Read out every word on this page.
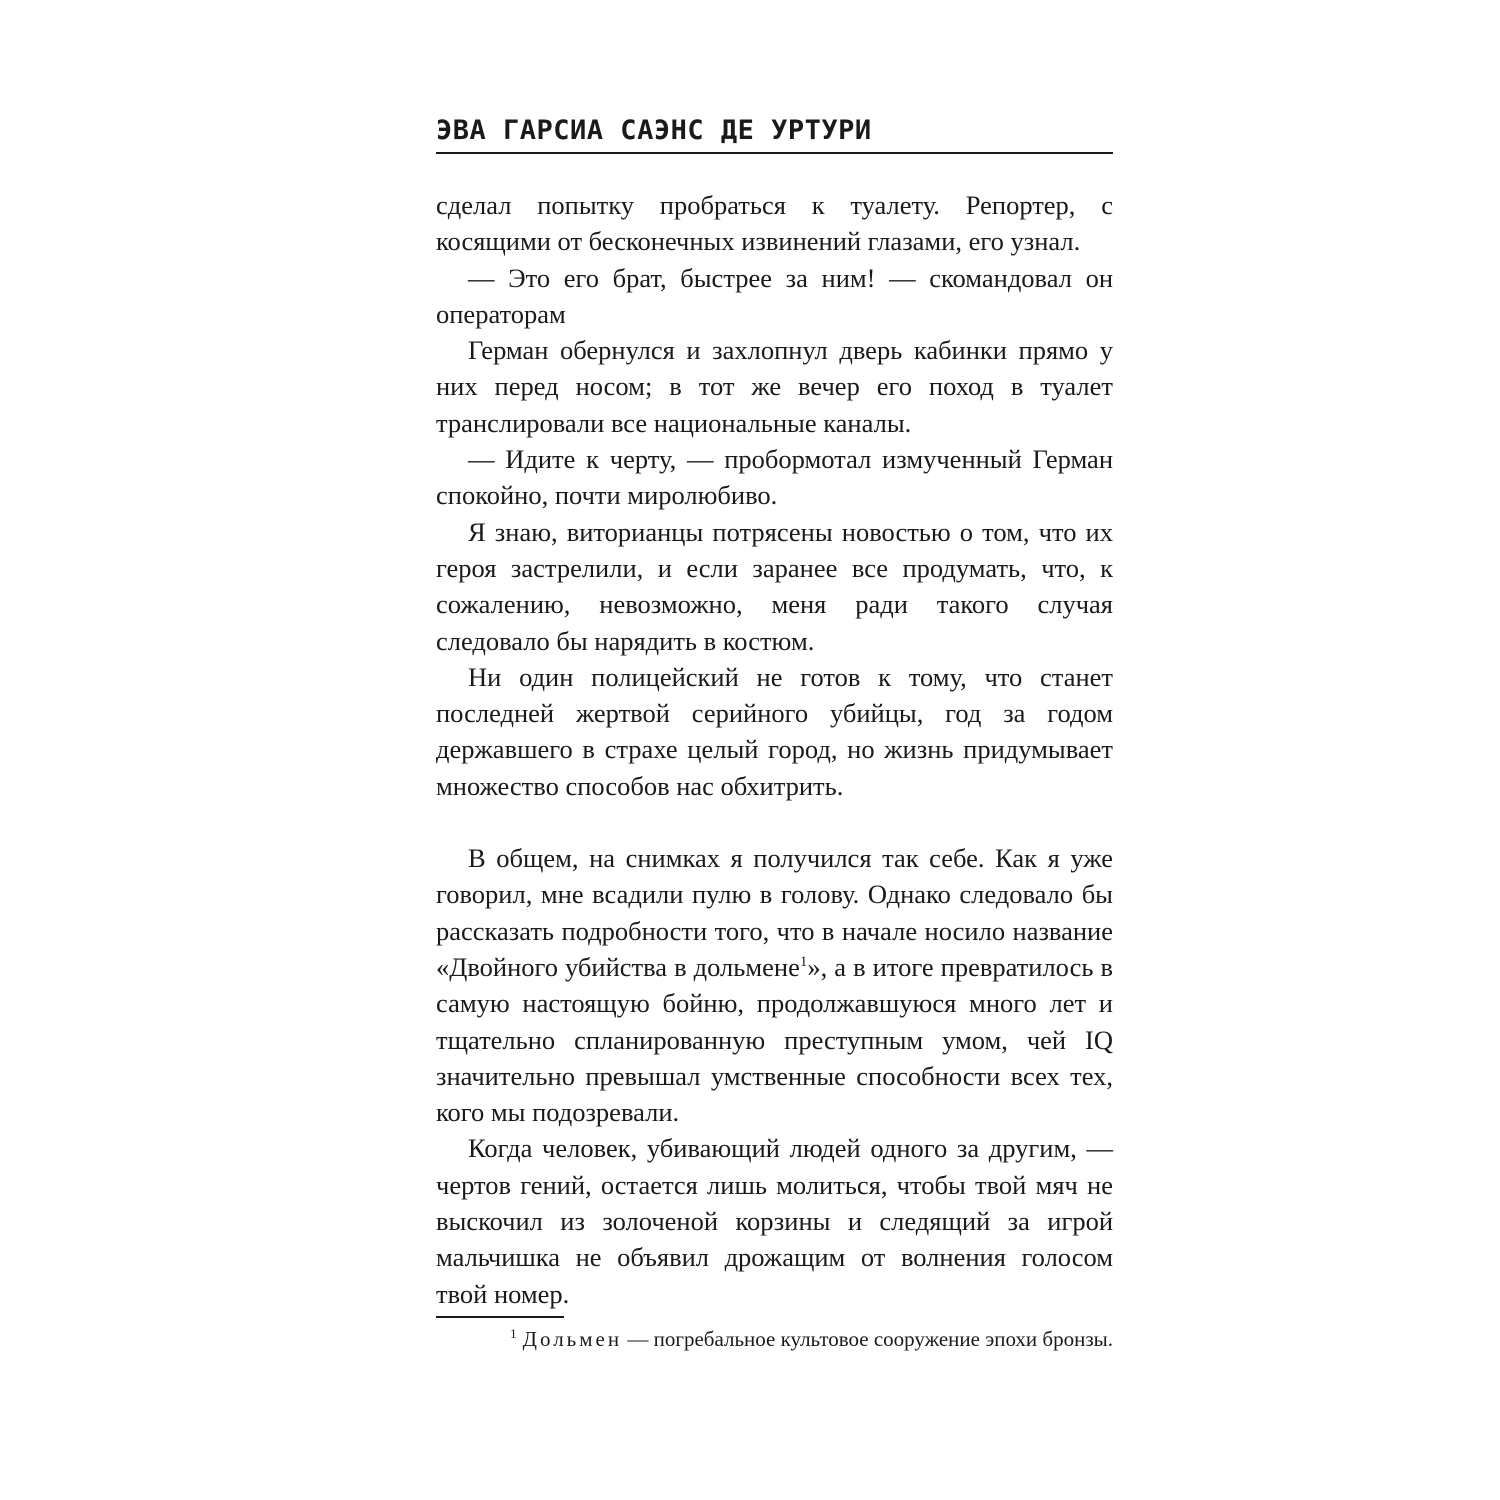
ЭВА ГАРСИА САЭНС ДЕ УРТУРИ

сделал попытку пробраться к туалету. Репортер, с косящими от бесконечных извинений глазами, его узнал.

— Это его брат, быстрее за ним! — скомандовал он операторам

Герман обернулся и захлопнул дверь кабинки прямо у них перед носом; в тот же вечер его поход в туалет транслировали все национальные каналы.

— Идите к черту, — пробормотал измученный Герман спокойно, почти миролюбиво.

Я знаю, виторианцы потрясены новостью о том, что их героя застрелили, и если заранее все продумать, что, к сожалению, невозможно, меня ради такого случая следовало бы нарядить в костюм.

Ни один полицейский не готов к тому, что станет последней жертвой серийного убийцы, год за годом державшего в страхе целый город, но жизнь придумывает множество способов нас обхитрить.

В общем, на снимках я получился так себе. Как я уже говорил, мне всадили пулю в голову. Однако следовало бы рассказать подробности того, что в начале носило название «Двойного убийства в дольмене$^1$», а в итоге превратилось в самую настоящую бойню, продолжавшуюся много лет и тщательно спланированную преступным умом, чей IQ значительно превышал умственные способности всех тех, кого мы подозревали.

Когда человек, убивающий людей одного за другим, — чертов гений, остается лишь молиться, чтобы твой мяч не выскочил из золоченой корзины и следящий за игрой мальчишка не объявил дрожащим от волнения голосом твой номер.

$^1$ Дольмен — погребальное культовое сооружение эпохи бронзы.
